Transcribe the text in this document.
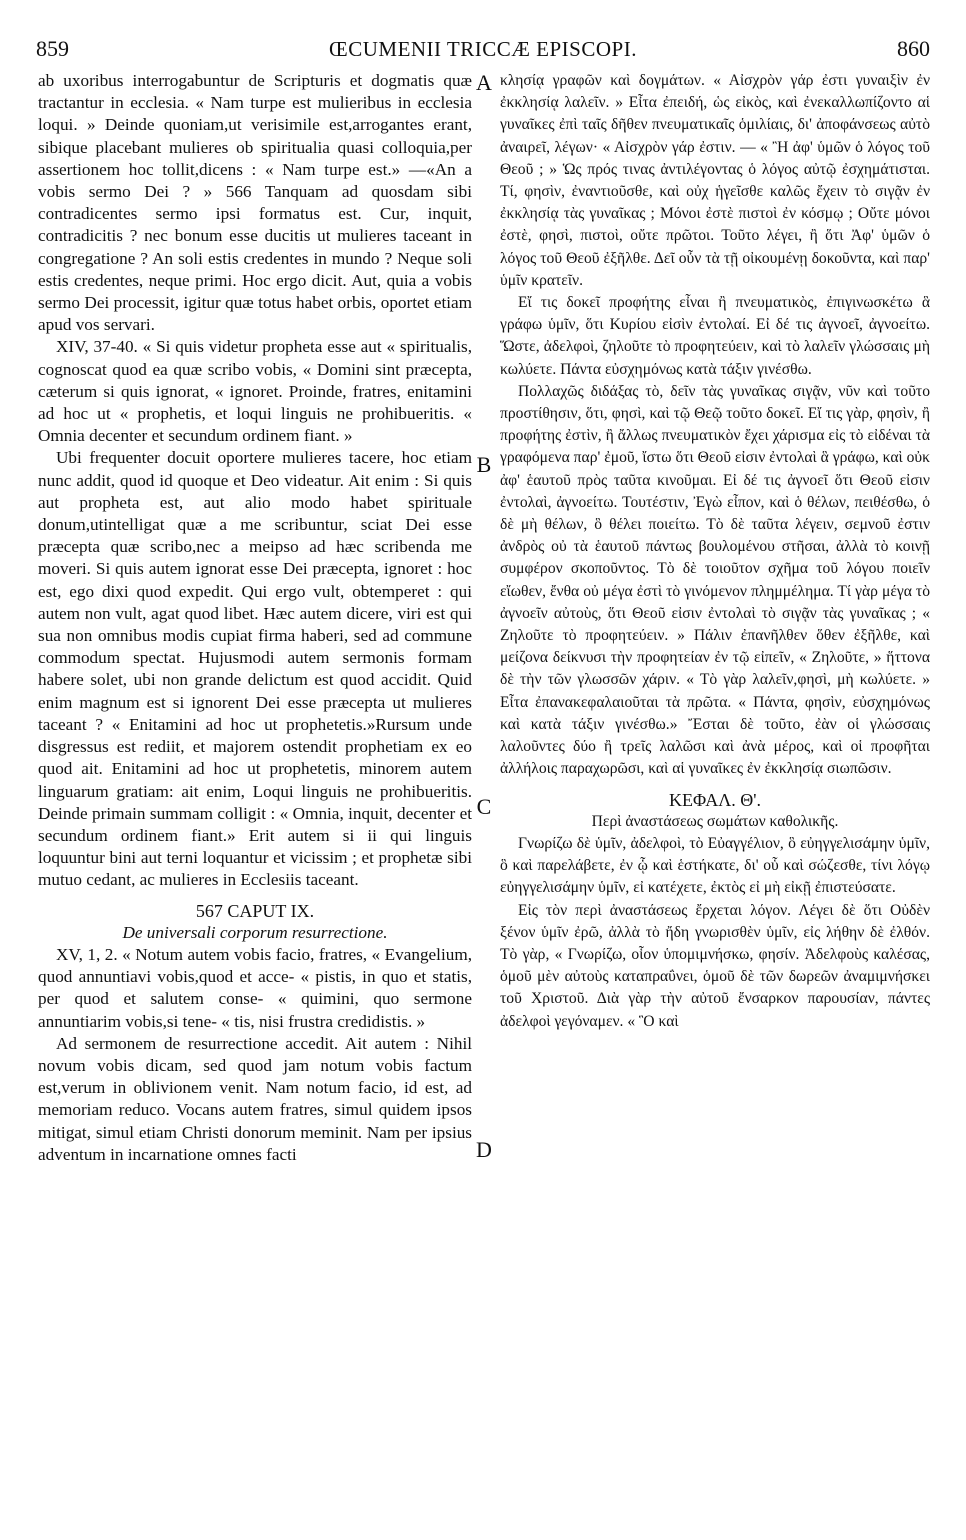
859	ŒCUMENII TRICCÆ EPISCOPI.	860
A
B
C
D

ab uxoribus interrogabuntur de Scripturis et dogmatis quæ tractantur in ecclesia. « Nam turpe est mulieribus in ecclesia loqui. » Deinde quoniam,ut verisimile est,arrogantes erant, sibique placebant mulieres ob spiritualia quasi colloquia,per assertionem hoc tollit,dicens : « Nam turpe est.» —«An a vobis sermo Dei ? » 566 Tanquam ad quosdam sibi contradicentes sermo ipsi formatus est. Cur, inquit, contradicitis ? nec bonum esse ducitis ut mulieres taceant in congregatione ? An soli estis credentes in mundo ? Neque soli estis credentes, neque primi. Hoc ergo dicit. Aut, quia a vobis sermo Dei processit, igitur quæ totus habet orbis, oportet etiam apud vos servari.

XIV, 37-40. « Si quis videtur propheta esse aut « spiritualis, cognoscat quod ea quæ scribo vobis, « Domini sint præcepta, cæterum si quis ignorat, « ignoret. Proinde, fratres, enitamini ad hoc ut « prophetis, et loqui linguis ne prohibueritis. « Omnia decenter et secundum ordinem fiant. »

Ubi frequenter docuit oportere mulieres tacere, hoc etiam nunc addit, quod id quoque et Deo videatur. Ait enim : Si quis aut propheta est, aut alio modo habet spirituale donum,utintelligat quæ a me scribuntur, sciat Dei esse præcepta quæ scribo,nec a meipso ad hæc scribenda me moveri. Si quis autem ignorat esse Dei præcepta, ignoret : hoc est, ego dixi quod expedit. Qui ergo vult, obtemperet : qui autem non vult, agat quod libet. Hæc autem dicere, viri est qui sua non omnibus modis cupiat firma haberi, sed ad commune commodum spectat. Hujusmodi autem sermonis formam habere solet, ubi non grande delictum est quod accidit. Quid enim magnum est si ignorent Dei esse præcepta ut mulieres taceant ? « Enitamini ad hoc ut prophetetis.»Rursum unde disgressus est rediit, et majorem ostendit prophetiam ex eo quod ait. Enitamini ad hoc ut prophetetis, minorem autem linguarum gratiam: ait enim, Loqui linguis ne prohibueritis. Deinde primain summam colligit : « Omnia, inquit, decenter et secundum ordinem fiant.» Erit autem si ii qui linguis loquuntur bini aut terni loquantur et vicissim ; et prophetæ sibi mutuo cedant, ac mulieres in Ecclesiis taceant.

567 CAPUT IX.

De universali corporum resurrectione.

XV, 1, 2. « Notum autem vobis facio, fratres, « Evangelium, quod annuntiavi vobis,quod et acce- « pistis, in quo et statis, per quod et salutem conse- « quimini, quo sermone annuntiarim vobis,si tene- « tis, nisi frustra credidistis. »

Ad sermonem de resurrectione accedit. Ait autem : Nihil novum vobis dicam, sed quod jam notum vobis factum est,verum in oblivionem venit. Nam notum facio, id est, ad memoriam reduco. Vocans autem fratres, simul quidem ipsos mitigat, simul etiam Christi donorum meminit. Nam per ipsius adventum in incarnatione omnes facti

κλησίᾳ γραφῶν καὶ δογμάτων. « Αἰσχρὸν γάρ ἐστι γυναιξὶν ἐν ἐκκλησίᾳ λαλεῖν. » Εἶτα ἐπειδή, ὡς εἰκὸς, καὶ ἐνεκαλλωπίζοντο αἱ γυναῖκες ἐπὶ ταῖς δῆθεν πνευματικαῖς ὁμιλίαις, δι' ἀποφάνσεως αὐτὸ ἀναιρεῖ, λέγων· « Αἰσχρὸν γάρ ἐστιν. — « Ἢ ἀφ' ὑμῶν ὁ λόγος τοῦ Θεοῦ ; » Ὡς πρός τινας ἀντιλέγοντας ὁ λόγος αὐτῷ ἐσχημάτισται. Τί, φησὶν, ἐναντιοῦσθε, καὶ οὐχ ἡγεῖσθε καλῶς ἔχειν τὸ σιγᾷν ἐν ἐκκλησίᾳ τὰς γυναῖκας ; Μόνοι ἐστὲ πιστοὶ ἐν κόσμῳ ; Οὔτε μόνοι ἐστὲ, φησὶ, πιστοὶ, οὔτε πρῶτοι. Τοῦτο λέγει, ἢ ὅτι Ἀφ' ὑμῶν ὁ λόγος τοῦ Θεοῦ ἐξῆλθε. Δεῖ οὖν τὰ τῇ οἰκουμένῃ δοκοῦντα, καὶ παρ' ὑμῖν κρατεῖν.

Εἴ τις δοκεῖ προφήτης εἶναι ἢ πνευματικὸς, ἐπιγινωσκέτω ἃ γράφω ὑμῖν, ὅτι Κυρίου εἰσὶν ἐντολαί. Εἰ δέ τις ἀγνοεῖ, ἀγνοείτω. Ὥστε, ἀδελφοὶ, ζηλοῦτε τὸ προφητεύειν, καὶ τὸ λαλεῖν γλώσσαις μὴ κωλύετε. Πάντα εὐσχημόνως κατὰ τάξιν γινέσθω.

Πολλαχῶς διδάξας τὸ, δεῖν τὰς γυναῖκας σιγᾷν, νῦν καὶ τοῦτο προστίθησιν, ὅτι, φησὶ, καὶ τῷ Θεῷ τοῦτο δοκεῖ. Εἴ τις γὰρ, φησὶν, ἢ προφήτης ἐστὶν, ἢ ἄλλως πνευματικὸν ἔχει χάρισμα εἰς τὸ εἰδέναι τὰ γραφόμενα παρ' ἐμοῦ, ἴστω ὅτι Θεοῦ εἰσιν ἐντολαὶ ἃ γράφω, καὶ οὐκ ἀφ' ἑαυτοῦ πρὸς ταῦτα κινοῦμαι. Εἰ δέ τις ἀγνοεῖ ὅτι Θεοῦ εἰσιν ἐντολαὶ, ἀγνοείτω. Τουτέστιν, Ἐγὼ εἶπον, καὶ ὁ θέλων, πειθέσθω, ὁ δὲ μὴ θέλων, ὃ θέλει ποιείτω. Τὸ δὲ ταῦτα λέγειν, σεμνοῦ ἐστιν ἀνδρὸς οὐ τὰ ἑαυτοῦ πάντως βουλομένου στῆσαι, ἀλλὰ τὸ κοινῇ συμφέρον σκοποῦντος. Τὸ δὲ τοιοῦτον σχῆμα τοῦ λόγου ποιεῖν εἴωθεν, ἔνθα οὐ μέγα ἐστὶ τὸ γινόμενον πλημμέλημα. Τί γὰρ μέγα τὸ ἀγνοεῖν αὐτοὺς, ὅτι Θεοῦ εἰσιν ἐντολαὶ τὸ σιγᾷν τὰς γυναῖκας ; « Ζηλοῦτε τὸ προφητεύειν. » Πάλιν ἐπανῆλθεν ὅθεν ἐξῆλθε, καὶ μείζονα δείκνυσι τὴν προφητείαν ἐν τῷ εἰπεῖν, « Ζηλοῦτε, » ἥττονα δὲ τὴν τῶν γλωσσῶν χάριν. « Τὸ γὰρ λαλεῖν,φησὶ, μὴ κωλύετε. » Εἶτα ἐπανακεφαλαιοῦται τὰ πρῶτα. « Πάντα, φησὶν, εὐσχημόνως καὶ κατὰ τάξιν γινέσθω.» Ἔσται δὲ τοῦτο, ἐὰν οἱ γλώσσαις λαλοῦντες δύο ἢ τρεῖς λαλῶσι καὶ ἀνὰ μέρος, καὶ οἱ προφῆται ἀλλήλοις παραχωρῶσι, καὶ αἱ γυναῖκες ἐν ἐκκλησίᾳ σιωπῶσιν.

ΚΕΦΑΛ. Θ'.

Περὶ ἀναστάσεως σωμάτων καθολικῆς.

Γνωρίζω δὲ ὑμῖν, ἀδελφοὶ, τὸ Εὐαγγέλιον, ὃ εὐηγγελισάμην ὑμῖν, ὃ καὶ παρελάβετε, ἐν ᾧ καὶ ἑστήκατε, δι' οὗ καὶ σώζεσθε, τίνι λόγῳ εὐηγγελισάμην ὑμῖν, εἰ κατέχετε, ἐκτὸς εἰ μὴ εἰκῇ ἐπιστεύσατε.

Εἰς τὸν περὶ ἀναστάσεως ἔρχεται λόγον. Λέγει δὲ ὅτι Οὐδὲν ξένον ὑμῖν ἐρῶ, ἀλλὰ τὸ ἤδη γνωρισθὲν ὑμῖν, εἰς λήθην δὲ ἐλθόν. Τὸ γὰρ, « Γνωρίζω, οἷον ὑπομιμνήσκω, φησίν. Ἀδελφοὺς καλέσας, ὁμοῦ μὲν αὐτοὺς καταπραΰνει, ὁμοῦ δὲ τῶν δωρεῶν ἀναμιμνήσκει τοῦ Χριστοῦ. Διὰ γὰρ τὴν αὐτοῦ ἔνσαρκον παρουσίαν, πάντες ἀδελφοὶ γεγόναμεν. « Ὃ καὶ
